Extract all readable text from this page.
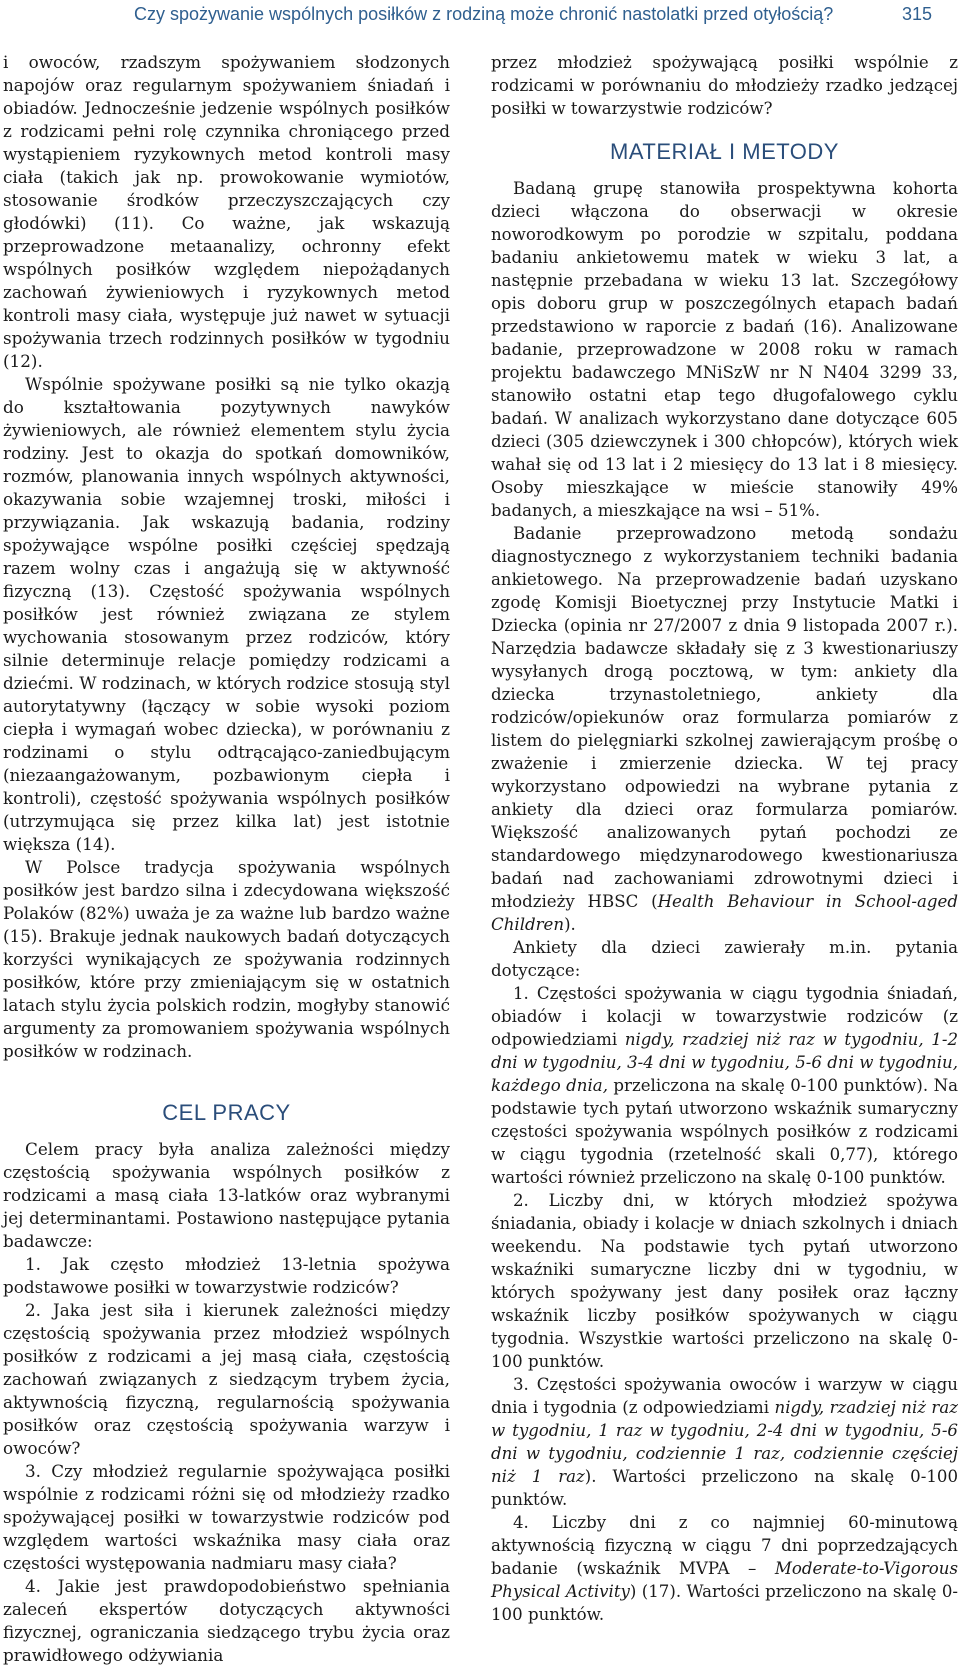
Czy spożywanie wspólnych posiłków z rodziną może chronić nastolatki przed otyłością?	315

i owoców, rzadszym spożywaniem słodzonych napojów oraz regularnym spożywaniem śniadań i obiadów. Jednocześnie jedzenie wspólnych posiłków z rodzicami pełni rolę czynnika chroniącego przed wystąpieniem ryzykownych metod kontroli masy ciała (takich jak np. prowokowanie wymiotów, stosowanie środków przeczyszczających czy głodówki) (11). Co ważne, jak wskazują przeprowadzone metaanalizy, ochronny efekt wspólnych posiłków względem niepożądanych zachowań żywieniowych i ryzykownych metod kontroli masy ciała, występuje już nawet w sytuacji spożywania trzech rodzinnych posiłków w tygodniu (12).

Wspólnie spożywane posiłki są nie tylko okazją do kształtowania pozytywnych nawyków żywieniowych, ale również elementem stylu życia rodziny. Jest to okazja do spotkań domowników, rozmów, planowania innych wspólnych aktywności, okazywania sobie wzajemnej troski, miłości i przywiązania. Jak wskazują badania, rodziny spożywające wspólne posiłki częściej spędzają razem wolny czas i angażują się w aktywność fizyczną (13). Częstość spożywania wspólnych posiłków jest również związana ze stylem wychowania stosowanym przez rodziców, który silnie determinuje relacje pomiędzy rodzicami a dziećmi. W rodzinach, w których rodzice stosują styl autorytatywny (łączący w sobie wysoki poziom ciepła i wymagań wobec dziecka), w porównaniu z rodzinami o stylu odtrącająco-zaniedbującym (niezaangażowanym, pozbawionym ciepła i kontroli), częstość spożywania wspólnych posiłków (utrzymująca się przez kilka lat) jest istotnie większa (14).

W Polsce tradycja spożywania wspólnych posiłków jest bardzo silna i zdecydowana większość Polaków (82%) uważa je za ważne lub bardzo ważne (15). Brakuje jednak naukowych badań dotyczących korzyści wynikających ze spożywania rodzinnych posiłków, które przy zmieniającym się w ostatnich latach stylu życia polskich rodzin, mogłyby stanowić argumenty za promowaniem spożywania wspólnych posiłków w rodzinach.

CEL PRACY

Celem pracy była analiza zależności między częstością spożywania wspólnych posiłków z rodzicami a masą ciała 13-latków oraz wybranymi jej determinantami. Postawiono następujące pytania badawcze:

1. Jak często młodzież 13-letnia spożywa podstawowe posiłki w towarzystwie rodziców?

2. Jaka jest siła i kierunek zależności między częstością spożywania przez młodzież wspólnych posiłków z rodzicami a jej masą ciała, częstością zachowań związanych z siedzącym trybem życia, aktywnością fizyczną, regularnością spożywania posiłków oraz częstością spożywania warzyw i owoców?

3. Czy młodzież regularnie spożywająca posiłki wspólnie z rodzicami różni się od młodzieży rzadko spożywającej posiłki w towarzystwie rodziców pod względem wartości wskaźnika masy ciała oraz częstości występowania nadmiaru masy ciała?

4. Jakie jest prawdopodobieństwo spełniania zaleceń ekspertów dotyczących aktywności fizycznej, ograniczania siedzącego trybu życia oraz prawidłowego odżywiania

przez młodzież spożywającą posiłki wspólnie z rodzicami w porównaniu do młodzieży rzadko jedzącej posiłki w towarzystwie rodziców?

MATERIAŁ I METODY

Badaną grupę stanowiła prospektywna kohorta dzieci włączona do obserwacji w okresie noworodkowym po porodzie w szpitalu, poddana badaniu ankietowemu matek w wieku 3 lat, a następnie przebadana w wieku 13 lat. Szczegółowy opis doboru grup w poszczególnych etapach badań przedstawiono w raporcie z badań (16). Analizowane badanie, przeprowadzone w 2008 roku w ramach projektu badawczego MNiSzW nr N N404 3299 33, stanowiło ostatni etap tego długofalowego cyklu badań. W analizach wykorzystano dane dotyczące 605 dzieci (305 dziewczynek i 300 chłopców), których wiek wahał się od 13 lat i 2 miesięcy do 13 lat i 8 miesięcy. Osoby mieszkające w mieście stanowiły 49% badanych, a mieszkające na wsi – 51%.

Badanie przeprowadzono metodą sondażu diagnostycznego z wykorzystaniem techniki badania ankietowego. Na przeprowadzenie badań uzyskano zgodę Komisji Bioetycznej przy Instytucie Matki i Dziecka (opinia nr 27/2007 z dnia 9 listopada 2007 r.). Narzędzia badawcze składały się z 3 kwestionariuszy wysyłanych drogą pocztową, w tym: ankiety dla dziecka trzynastoletniego, ankiety dla rodziców/opiekunów oraz formularza pomiarów z listem do pielęgniarki szkolnej zawierającym prośbę o zważenie i zmierzenie dziecka. W tej pracy wykorzystano odpowiedzi na wybrane pytania z ankiety dla dzieci oraz formularza pomiarów. Większość analizowanych pytań pochodzi ze standardowego międzynarodowego kwestionariusza badań nad zachowaniami zdrowotnymi dzieci i młodzieży HBSC (Health Behaviour in School-aged Children).

Ankiety dla dzieci zawierały m.in. pytania dotyczące:

1. Częstości spożywania w ciągu tygodnia śniadań, obiadów i kolacji w towarzystwie rodziców (z odpowiedziami nigdy, rzadziej niż raz w tygodniu, 1-2 dni w tygodniu, 3-4 dni w tygodniu, 5-6 dni w tygodniu, każdego dnia, przeliczona na skalę 0-100 punktów). Na podstawie tych pytań utworzono wskaźnik sumaryczny częstości spożywania wspólnych posiłków z rodzicami w ciągu tygodnia (rzetelność skali 0,77), którego wartości również przeliczono na skalę 0-100 punktów.

2. Liczby dni, w których młodzież spożywa śniadania, obiady i kolacje w dniach szkolnych i dniach weekendu. Na podstawie tych pytań utworzono wskaźniki sumaryczne liczby dni w tygodniu, w których spożywany jest dany posiłek oraz łączny wskaźnik liczby posiłków spożywanych w ciągu tygodnia. Wszystkie wartości przeliczono na skalę 0-100 punktów.

3. Częstości spożywania owoców i warzyw w ciągu dnia i tygodnia (z odpowiedziami nigdy, rzadziej niż raz w tygodniu, 1 raz w tygodniu, 2-4 dni w tygodniu, 5-6 dni w tygodniu, codziennie 1 raz, codziennie częściej niż 1 raz). Wartości przeliczono na skalę 0-100 punktów.

4. Liczby dni z co najmniej 60-minutową aktywnością fizyczną w ciągu 7 dni poprzedzających badanie (wskaźnik MVPA – Moderate-to-Vigorous Physical Activity) (17). Wartości przeliczono na skalę 0-100 punktów.
